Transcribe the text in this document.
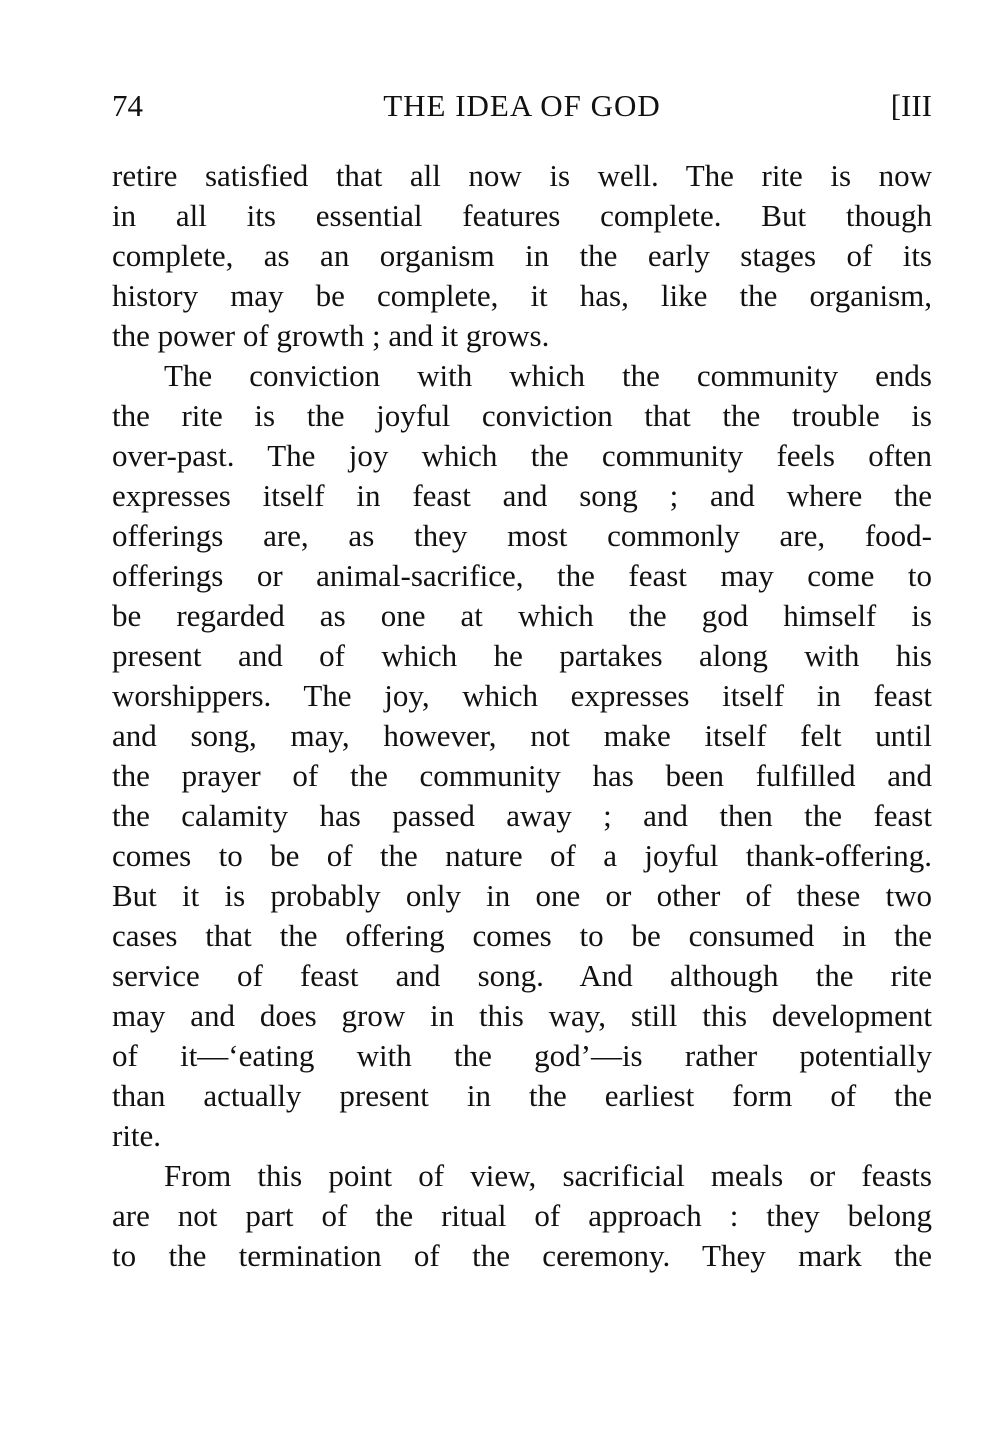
74	THE IDEA OF GOD	[III
retire satisfied that all now is well. The rite is now
in all its essential features complete. But though
complete, as an organism in the early stages of its
history may be complete, it has, like the organism,
the power of growth ; and it grows.
The conviction with which the community ends
the rite is the joyful conviction that the trouble is
over-past. The joy which the community feels often
expresses itself in feast and song ; and where the
offerings are, as they most commonly are, food-
offerings or animal-sacrifice, the feast may come to
be regarded as one at which the god himself is
present and of which he partakes along with his
worshippers. The joy, which expresses itself in feast
and song, may, however, not make itself felt until
the prayer of the community has been fulfilled and
the calamity has passed away ; and then the feast
comes to be of the nature of a joyful thank-offering.
But it is probably only in one or other of these two
cases that the offering comes to be consumed in the
service of feast and song. And although the rite
may and does grow in this way, still this development
of it—‘eating with the god’—is rather potentially
than actually present in the earliest form of the
rite.
From this point of view, sacrificial meals or feasts
are not part of the ritual of approach : they belong
to the termination of the ceremony. They mark the
